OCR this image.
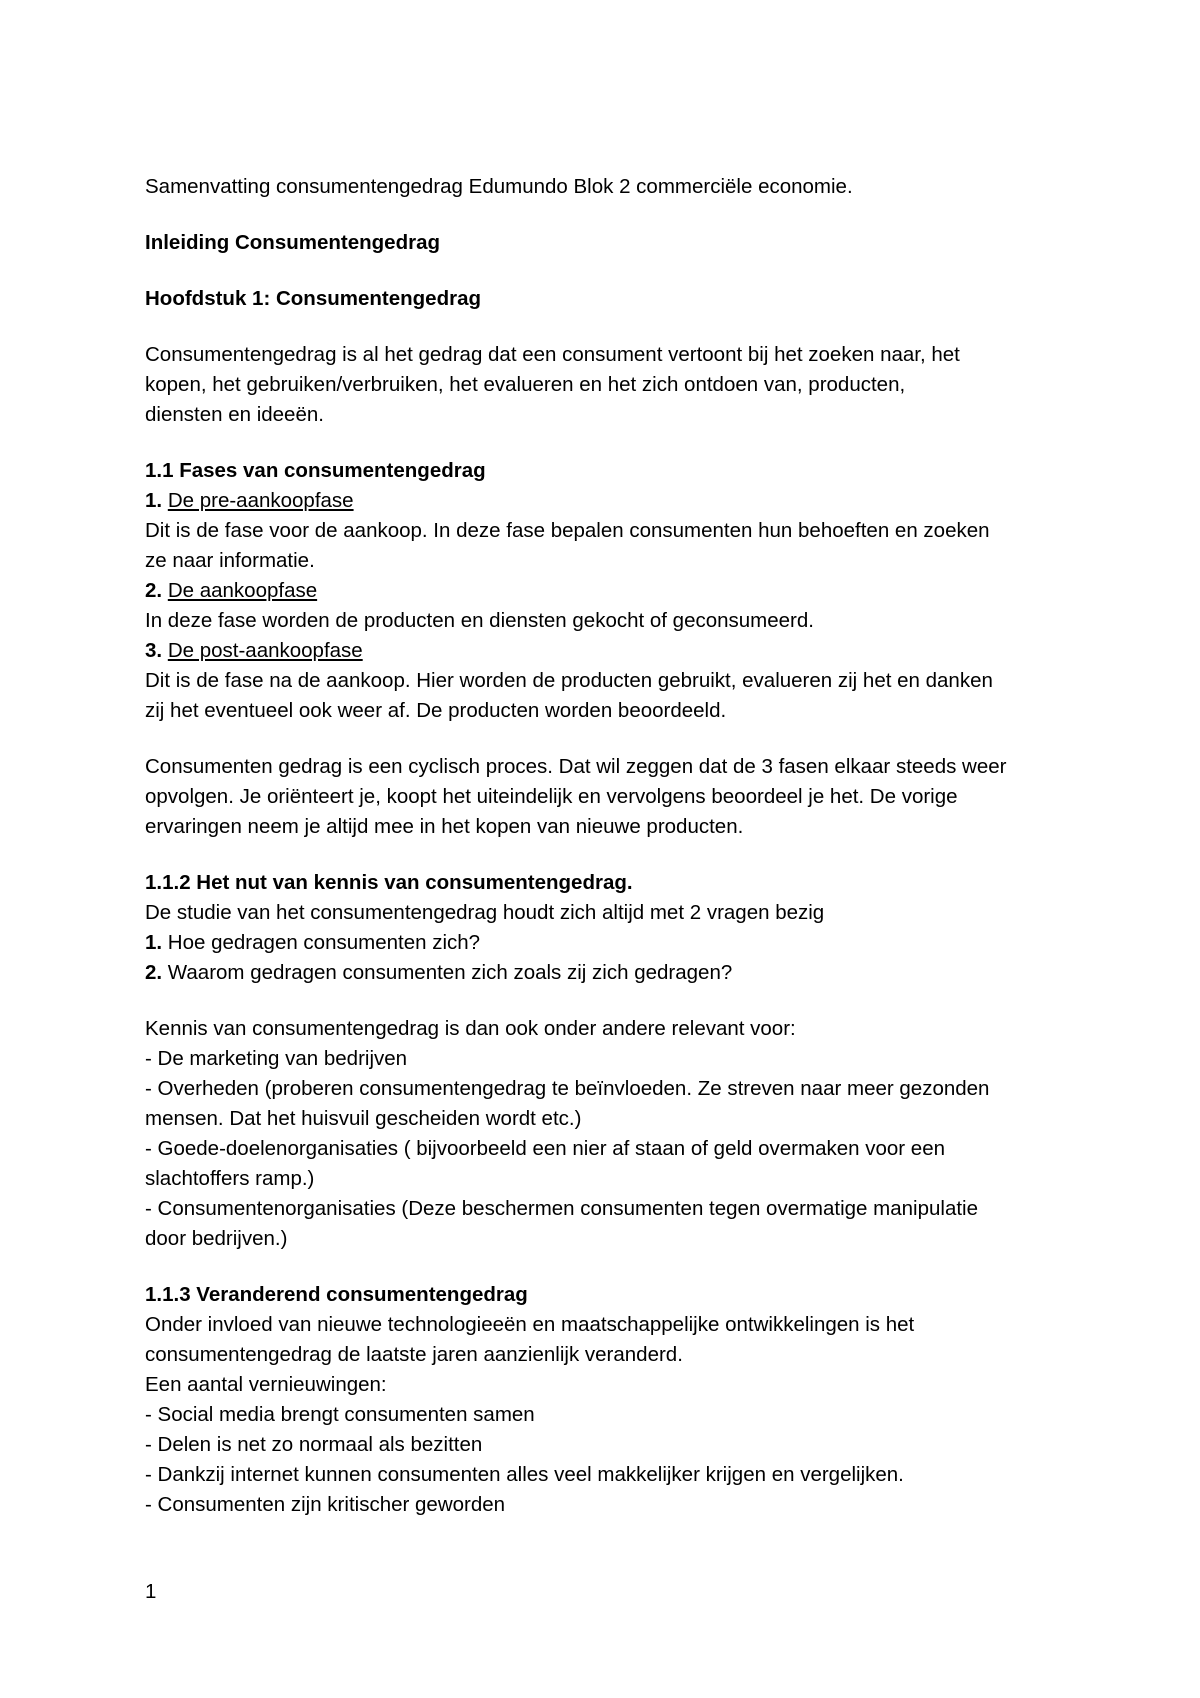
Samenvatting consumentengedrag Edumundo Blok 2 commerciële economie.

Inleiding Consumentengedrag

Hoofdstuk 1: Consumentengedrag

Consumentengedrag is al het gedrag dat een consument vertoont bij het zoeken naar, het

kopen, het gebruiken/verbruiken, het evalueren en het zich ontdoen van, producten,

diensten en ideeën.

1.1 Fases van consumentengedrag

1. De pre-aankoopfase

Dit is de fase voor de aankoop. In deze fase bepalen consumenten hun behoeften en zoeken

ze naar informatie.

2. De aankoopfase

In deze fase worden de producten en diensten gekocht of geconsumeerd.

3. De post-aankoopfase

Dit is de fase na de aankoop. Hier worden de producten gebruikt, evalueren zij het en danken

zij het eventueel ook weer af. De producten worden beoordeeld.

Consumenten gedrag is een cyclisch proces. Dat wil zeggen dat de 3 fasen elkaar steeds weer

opvolgen. Je oriënteert je, koopt het uiteindelijk en vervolgens beoordeel je het. De vorige

ervaringen neem je altijd mee in het kopen van nieuwe producten.

1.1.2 Het nut van kennis van consumentengedrag.

De studie van het consumentengedrag houdt zich altijd met 2 vragen bezig

1. Hoe gedragen consumenten zich?

2. Waarom gedragen consumenten zich zoals zij zich gedragen?

Kennis van consumentengedrag is dan ook onder andere relevant voor:

- De marketing van bedrijven

- Overheden (proberen consumentengedrag te beïnvloeden. Ze streven naar meer gezonden

mensen. Dat het huisvuil gescheiden wordt etc.)

- Goede-doelenorganisaties ( bijvoorbeeld een nier af staan of geld overmaken voor een

slachtoffers ramp.)

- Consumentenorganisaties (Deze beschermen consumenten tegen overmatige manipulatie

door bedrijven.)

1.1.3 Veranderend consumentengedrag

Onder invloed van nieuwe technologieeën en maatschappelijke ontwikkelingen is het

consumentengedrag de laatste jaren aanzienlijk veranderd.

Een aantal vernieuwingen:

- Social media brengt consumenten samen

- Delen is net zo normaal als bezitten

- Dankzij internet kunnen consumenten alles veel makkelijker krijgen en vergelijken.

- Consumenten zijn kritischer geworden

1
